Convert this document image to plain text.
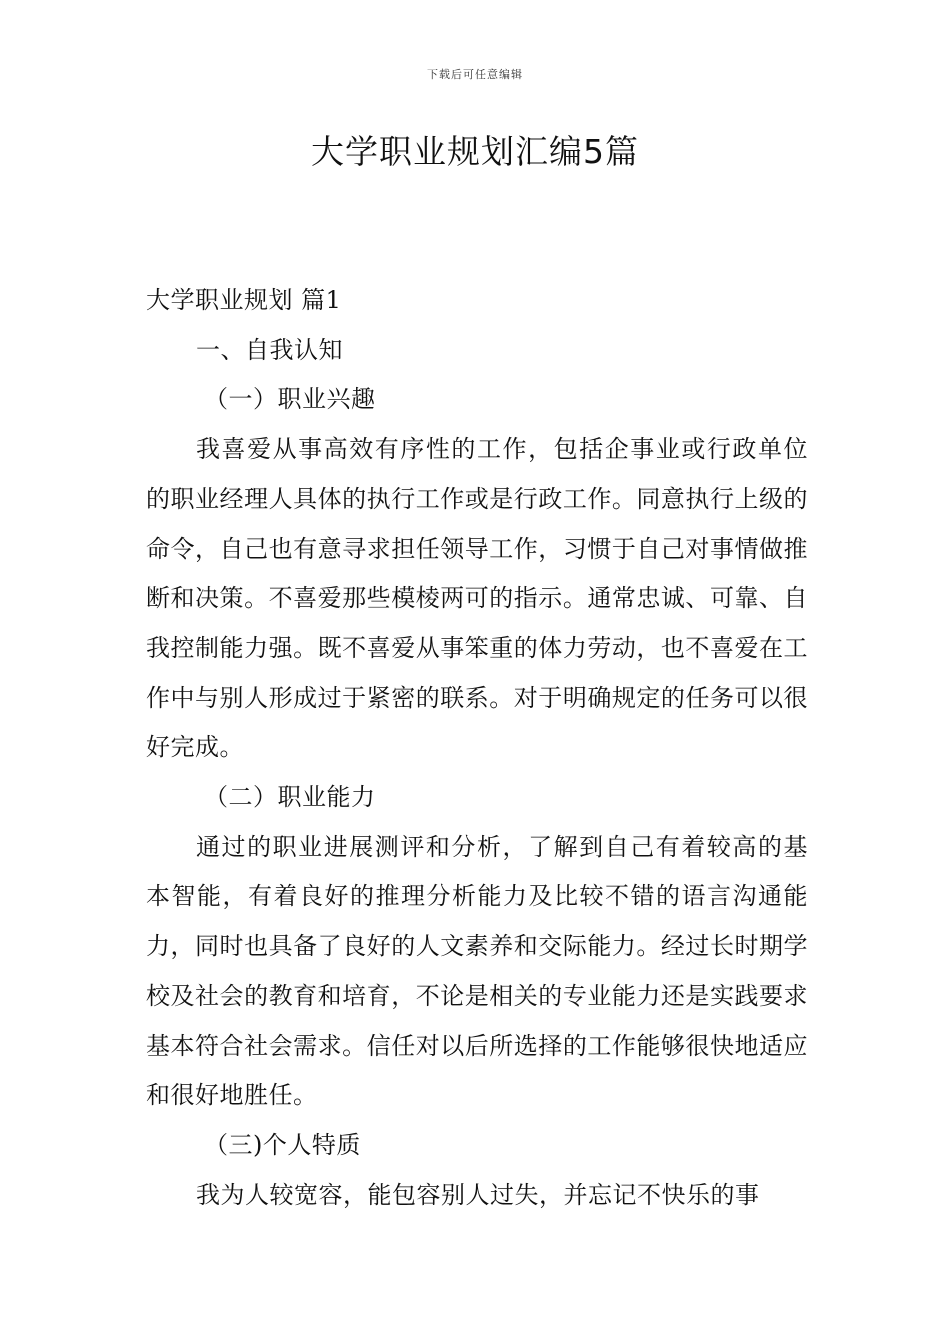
下载后可任意编辑
大学职业规划汇编5篇

大学职业规划 篇1

一、自我认知

（一）职业兴趣

我喜爱从事高效有序性的工作，包括企事业或行政单位的职业经理人具体的执行工作或是行政工作。同意执行上级的命令，自己也有意寻求担任领导工作，习惯于自己对事情做推断和决策。不喜爱那些模棱两可的指示。通常忠诚、可靠、自我控制能力强。既不喜爱从事笨重的体力劳动，也不喜爱在工作中与别人形成过于紧密的联系。对于明确规定的任务可以很好完成。

（二）职业能力

通过的职业进展测评和分析，了解到自己有着较高的基本智能，有着良好的推理分析能力及比较不错的语言沟通能力，同时也具备了良好的人文素养和交际能力。经过长时期学校及社会的教育和培育，不论是相关的专业能力还是实践要求基本符合社会需求。信任对以后所选择的工作能够很快地适应和很好地胜任。

（三)个人特质

我为人较宽容，能包容别人过失，并忘记不快乐的事
